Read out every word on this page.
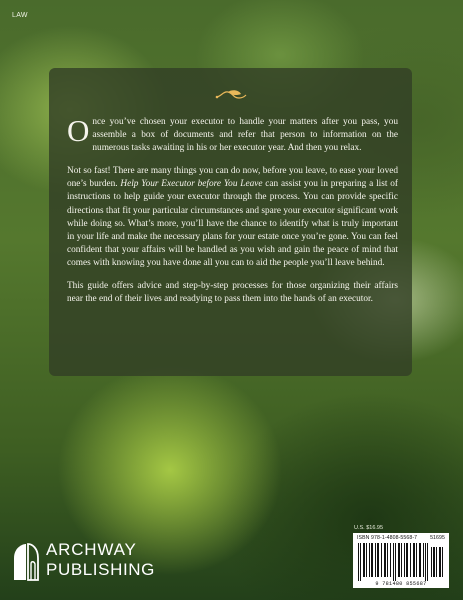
LAW

Once you’ve chosen your executor to handle your matters after you pass, you assemble a box of documents and refer that person to information on the numerous tasks awaiting in his or her executor year. And then you relax.

Not so fast! There are many things you can do now, before you leave, to ease your loved one’s burden. Help Your Executor before You Leave can assist you in preparing a list of instructions to help guide your executor through the process. You can provide specific directions that fit your particular circumstances and spare your executor significant work while doing so. What’s more, you’ll have the chance to identify what is truly important in your life and make the necessary plans for your estate once you’re gone. You can feel confident that your affairs will be handled as you wish and gain the peace of mind that comes with knowing you have done all you can to aid the people you’ll leave behind.

This guide offers advice and step-by-step processes for those organizing their affairs near the end of their lives and readying to pass them into the hands of an executor.

U.S. $16.95
ISBN 978-1-4808-5568-7 51695
9 781480 855687
ARCHWAY
PUBLISHING
